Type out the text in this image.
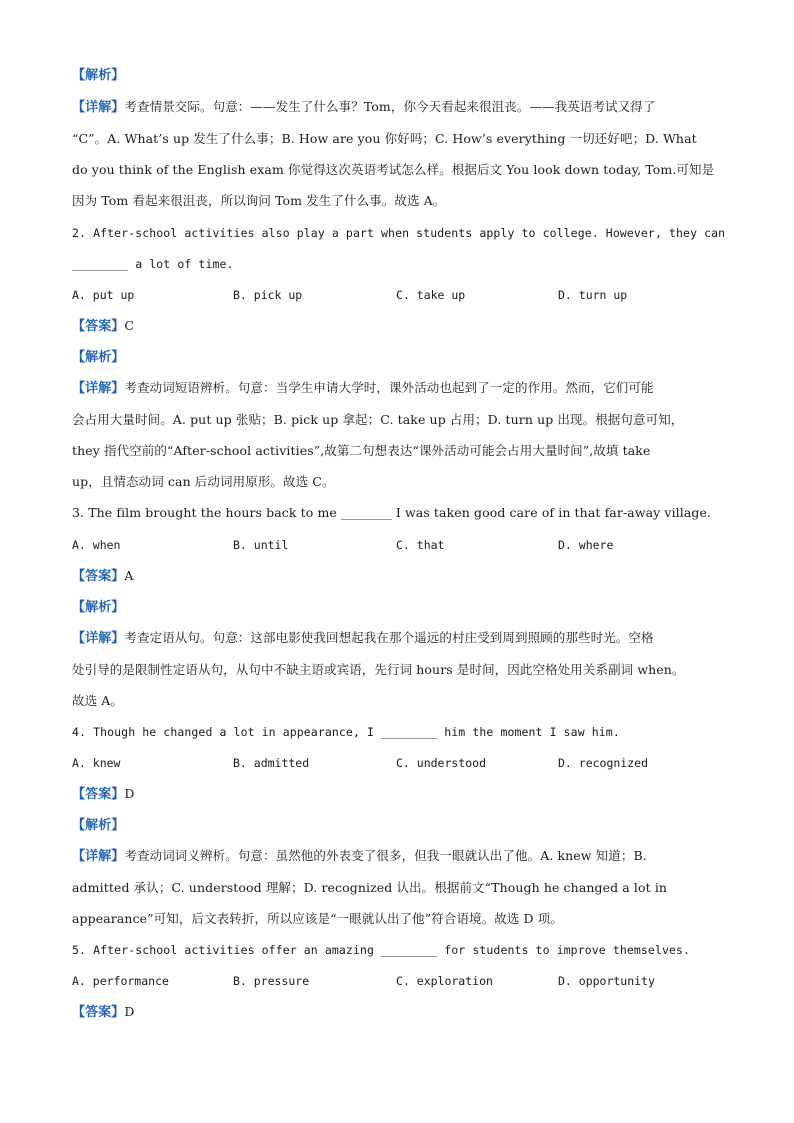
【解析】
【详解】考查情景交际。句意：——发生了什么事？Tom，你今天看起来很沮丧。——我英语考试又得了
“C”。A. What’s up 发生了什么事；B. How are you 你好吗；C. How’s everything 一切还好吧；D. What
do you think of the English exam 你觉得这次英语考试怎么样。根据后文 You look down today, Tom.可知是
因为 Tom 看起来很沮丧，所以询问 Tom 发生了什么事。故选 A。
2. After-school activities also play a part when students apply to college. However, they can
________ a lot of time.
A. put up	B. pick up	C. take up	D. turn up
【答案】C
【解析】
【详解】考查动词短语辨析。句意：当学生申请大学时，课外活动也起到了一定的作用。然而，它们可能
会占用大量时间。A. put up 张贴；B. pick up 拿起；C. take up 占用；D. turn up 出现。根据句意可知，
they 指代空前的“After-school activities”,故第二句想表达“课外活动可能会占用大量时间”,故填 take
up，且情态动词 can 后动词用原形。故选 C。
3. The film brought the hours back to me ________ I was taken good care of in that far-away village.
A. when	B. until	C. that	D. where
【答案】A
【解析】
【详解】考查定语从句。句意：这部电影使我回想起我在那个遥远的村庄受到周到照顾的那些时光。空格
处引导的是限制性定语从句，从句中不缺主语或宾语，先行词 hours 是时间，因此空格处用关系副词 when。
故选 A。
4. Though he changed a lot in appearance, I ________ him the moment I saw him.
A. knew	B. admitted	C. understood	D. recognized
【答案】D
【解析】
【详解】考查动词词义辨析。句意：虽然他的外表变了很多，但我一眼就认出了他。A. knew 知道；B.
admitted 承认；C. understood 理解；D. recognized 认出。根据前文“Though he changed a lot in
appearance”可知，后文表转折，所以应该是“一眼就认出了他”符合语境。故选 D 项。
5. After-school activities offer an amazing ________ for students to improve themselves.
A. performance	B. pressure	C. exploration	D. opportunity
【答案】D
